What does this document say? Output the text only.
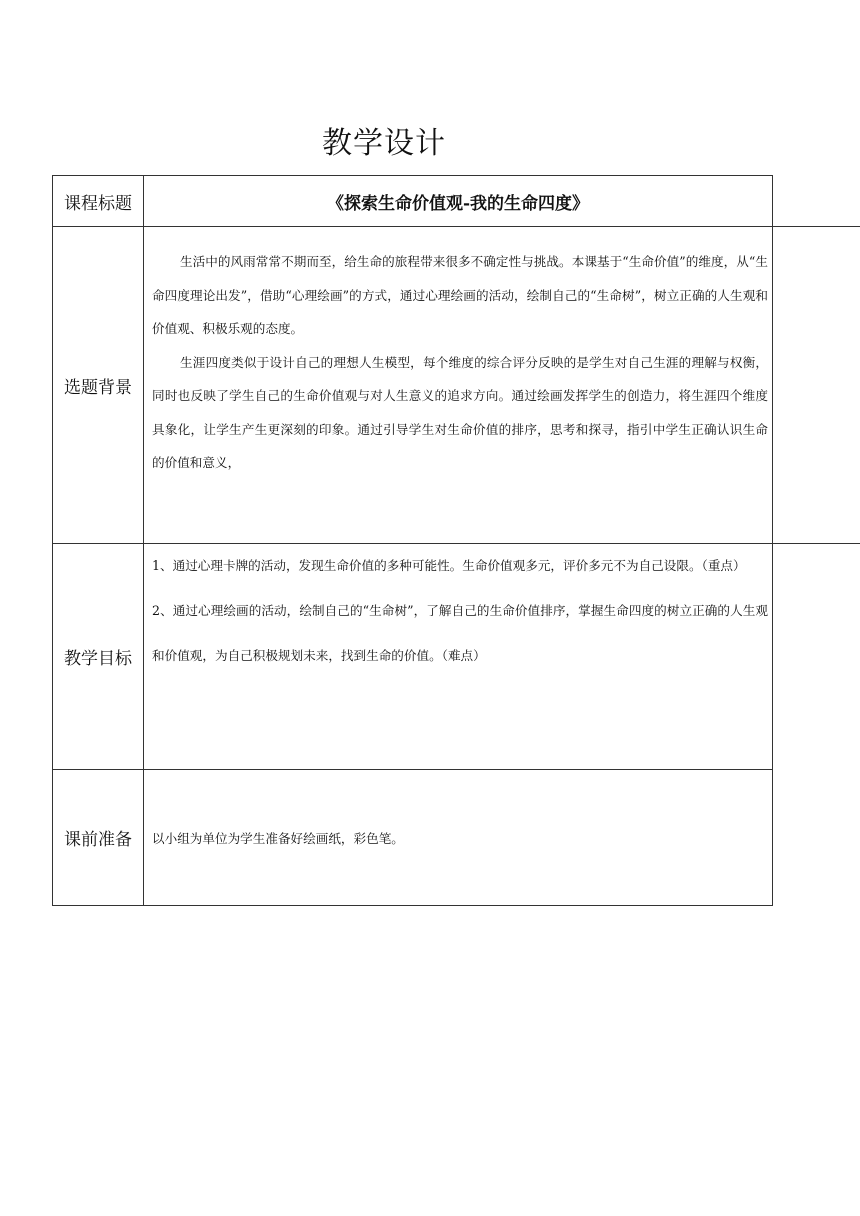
教学设计
课程标题	《探索生命价值观-我的生命四度》
选题背景	生活中的风雨常常不期而至，给生命的旅程带来很多不确定性与挑战。本课基于“生命价值”的维度，从“生命四度理论出发”，借助“心理绘画”的方式，通过心理绘画的活动，绘制自己的“生命树”，树立正确的人生观和价值观、积极乐观的态度。

生涯四度类似于设计自己的理想人生模型，每个维度的综合评分反映的是学生对自己生涯的理解与权衡，同时也反映了学生自己的生命价值观与对人生意义的追求方向。通过绘画发挥学生的创造力，将生涯四个维度具象化，让学生产生更深刻的印象。通过引导学生对生命价值的排序，思考和探寻，指引中学生正确认识生命的价值和意义，

教学目标	1、通过心理卡牌的活动，发现生命价值的多种可能性。生命价值观多元，评价多元不为自己设限。（重点）

2、通过心理绘画的活动，绘制自己的“生命树”，了解自己的生命价值排序，掌握生命四度的树立正确的人生观和价值观，为自己积极规划未来，找到生命的价值。（难点）

课前准备	以小组为单位为学生准备好绘画纸，彩色笔。
